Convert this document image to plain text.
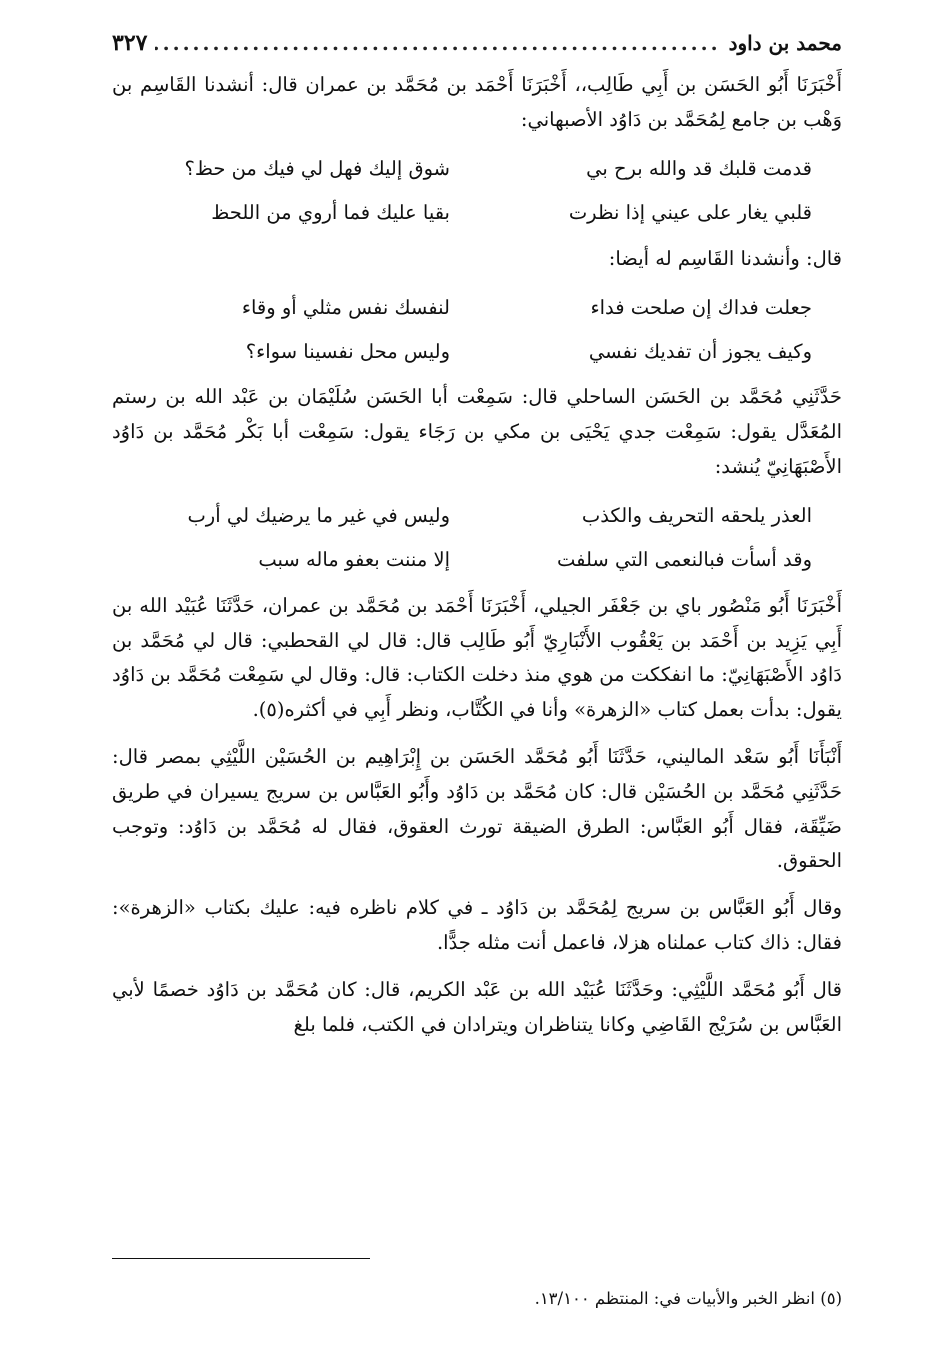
محمد بن داود
.....
٣٢٧

أَخْبَرَنَا أَبُو الحَسَن بن أَبِي طَالِب،، أَخْبَرَنَا أَحْمَد بن مُحَمَّد بن عمران قال: أنشدنا القَاسِم بن وَهْب بن جامع لِمُحَمَّد بن دَاوُد الأصبهاني:

قدمت قلبك قد والله برح بي
شوق إليك فهل لي فيك من حظ؟
قلبي يغار على عيني إذا نظرت
بقيا عليك فما أروي من اللحظ

قال: وأنشدنا القَاسِم له أيضا:

جعلت فداك إن صلحت فداء
لنفسك نفس مثلي أو وقاء
وكيف يجوز أن تفديك نفسي
وليس محل نفسينا سواء؟

حَدَّثَنِي مُحَمَّد بن الحَسَن الساحلي قال: سَمِعْت أبا الحَسَن سُلَيْمَان بن عَبْد الله بن رستم المُعَدَّل يقول: سَمِعْت جدي يَحْيَى بن مكي بن رَجَاء يقول: سَمِعْت أبا بَكْر مُحَمَّد بن دَاوُد الأَصْبَهَانِيّ يُنشد:

العذر يلحقه التحريف والكذب
وليس في غير ما يرضيك لي أرب
وقد أسأت فبالنعمى التي سلفت
إلا مننت بعفو ماله سبب

أَخْبَرَنَا أَبُو مَنْصُور باي بن جَعْفَر الجيلي، أَخْبَرَنَا أَحْمَد بن مُحَمَّد بن عمران، حَدَّثَنَا عُبَيْد الله بن أَبِي يَزِيد بن أَحْمَد بن يَعْقُوب الأَنْبَارِيّ أَبُو طَالِب قال: قال لي القحطبي: قال لي مُحَمَّد بن دَاوُد الأَصْبَهَانِيّ: ما انفككت من هوي منذ دخلت الكتاب: قال: وقال لي سَمِعْت مُحَمَّد بن دَاوُد يقول: بدأت بعمل كتاب «الزهرة» وأنا في الكُتَّاب، ونظر أَبِي في أكثره(٥).

أَنْبَأَنَا أَبُو سَعْد الماليني، حَدَّثَنَا أَبُو مُحَمَّد الحَسَن بن إِبْرَاهِيم بن الحُسَيْن اللَّيْثِي بمصر قال: حَدَّثَنِي مُحَمَّد بن الحُسَيْن قال: كان مُحَمَّد بن دَاوُد وأَبُو العَبَّاس بن سريج يسيران في طريق ضَيِّقَة، فقال أَبُو العَبَّاس: الطرق الضيقة تورث العقوق، فقال له مُحَمَّد بن دَاوُد: وتوجب الحقوق.

وقال أَبُو العَبَّاس بن سريج لِمُحَمَّد بن دَاوُد ـ في كلام ناظره فيه: عليك بكتاب «الزهرة»: فقال: ذاك كتاب عملناه هزلا، فاعمل أنت مثله جدًّا.

قال أَبُو مُحَمَّد اللَّيْثِي: وحَدَّثَنَا عُبَيْد الله بن عَبْد الكريم، قال: كان مُحَمَّد بن دَاوُد خصمًا لأبي العَبَّاس بن سُرَيْج القَاضِي وكانا يتناظران ويترادان في الكتب، فلما بلغ

(٥) انظر الخبر والأبيات في: المنتظم ١٣/١٠٠.
